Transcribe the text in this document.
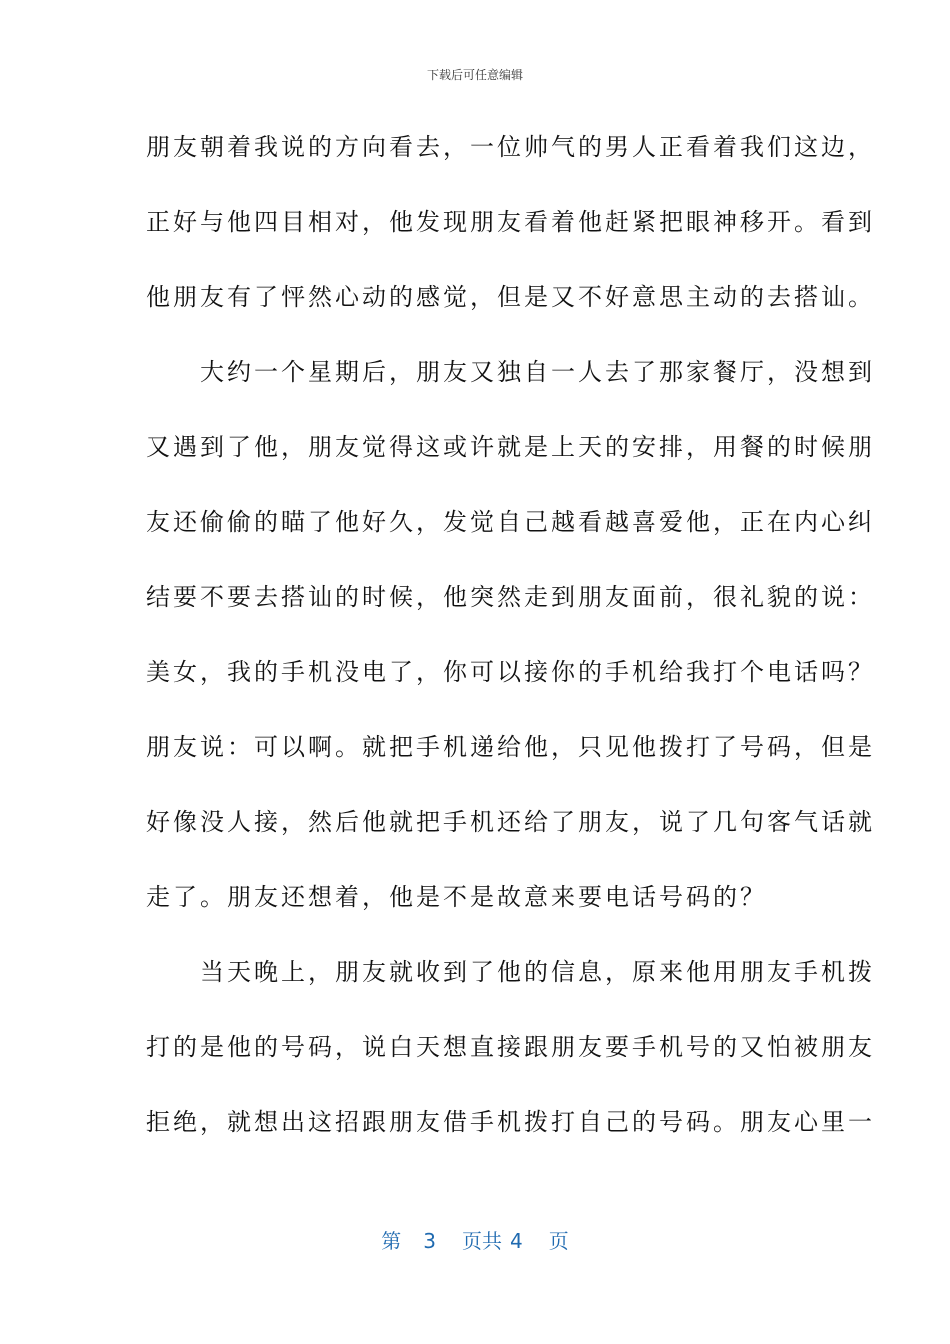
下载后可任意编辑
朋友朝着我说的方向看去，一位帅气的男人正看着我们这边，
正好与他四目相对，他发现朋友看着他赶紧把眼神移开。看到
他朋友有了怦然心动的感觉，但是又不好意思主动的去搭讪。
　　大约一个星期后，朋友又独自一人去了那家餐厅，没想到
又遇到了他，朋友觉得这或许就是上天的安排，用餐的时候朋
友还偷偷的瞄了他好久，发觉自己越看越喜爱他，正在内心纠
结要不要去搭讪的时候，他突然走到朋友面前，很礼貌的说：
美女，我的手机没电了，你可以接你的手机给我打个电话吗？
朋友说：可以啊。就把手机递给他，只见他拨打了号码，但是
好像没人接，然后他就把手机还给了朋友，说了几句客气话就
走了。朋友还想着，他是不是故意来要电话号码的？
　　当天晚上，朋友就收到了他的信息，原来他用朋友手机拨
打的是他的号码，说白天想直接跟朋友要手机号的又怕被朋友
拒绝，就想出这招跟朋友借手机拨打自己的号码。朋友心里一
第 3 页共 4 页
